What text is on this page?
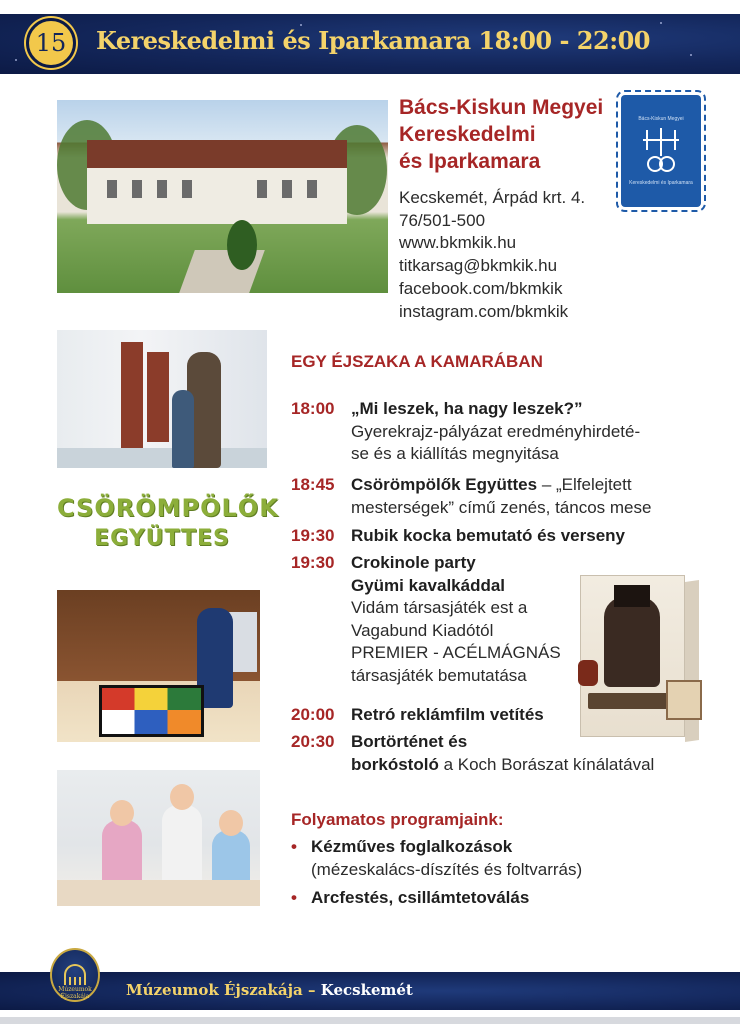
15	Kereskedelmi és Iparkamara 18:00 - 22:00
Bács-Kiskun Megyei
Kereskedelmi
és Iparkamara
Kecskemét, Árpád krt. 4.
76/501-500
www.bkmkik.hu
titkarsag@bkmkik.hu
facebook.com/bkmkik
instagram.com/bkmkik
Bács-Kiskun Megyei
Kereskedelmi és Iparkamara
CSÖRÖMPÖLŐK
EGYÜTTES
EGY ÉJSZAKA A KAMARÁBAN
18:00 „Mi leszek, ha nagy leszek?”
Gyerekrajz-pályázat eredményhirdeté-
se és a kiállítás megnyitása
18:45 Csörömpölők Együttes – „Elfelejtett
mesterségek” című zenés, táncos mese
19:30 Rubik kocka bemutató és verseny
19:30 Crokinole party
Gyümi kavalkáddal
Vidám társasjáték est a
Vagabund Kiadótól
PREMIER - ACÉLMÁGNÁS
társasjáték bemutatása
20:00 Retró reklámfilm vetítés
20:30 Bortörténet és
borkóstoló a Koch Borászat kínálatával
Folyamatos programjaink:
• Kézműves foglalkozások
(mézeskalács-díszítés és foltvarrás)
• Arcfestés, csillámtetoválás
Múzeumok Éjszakája – Kecskemét
Múzeumok Éjszakája
